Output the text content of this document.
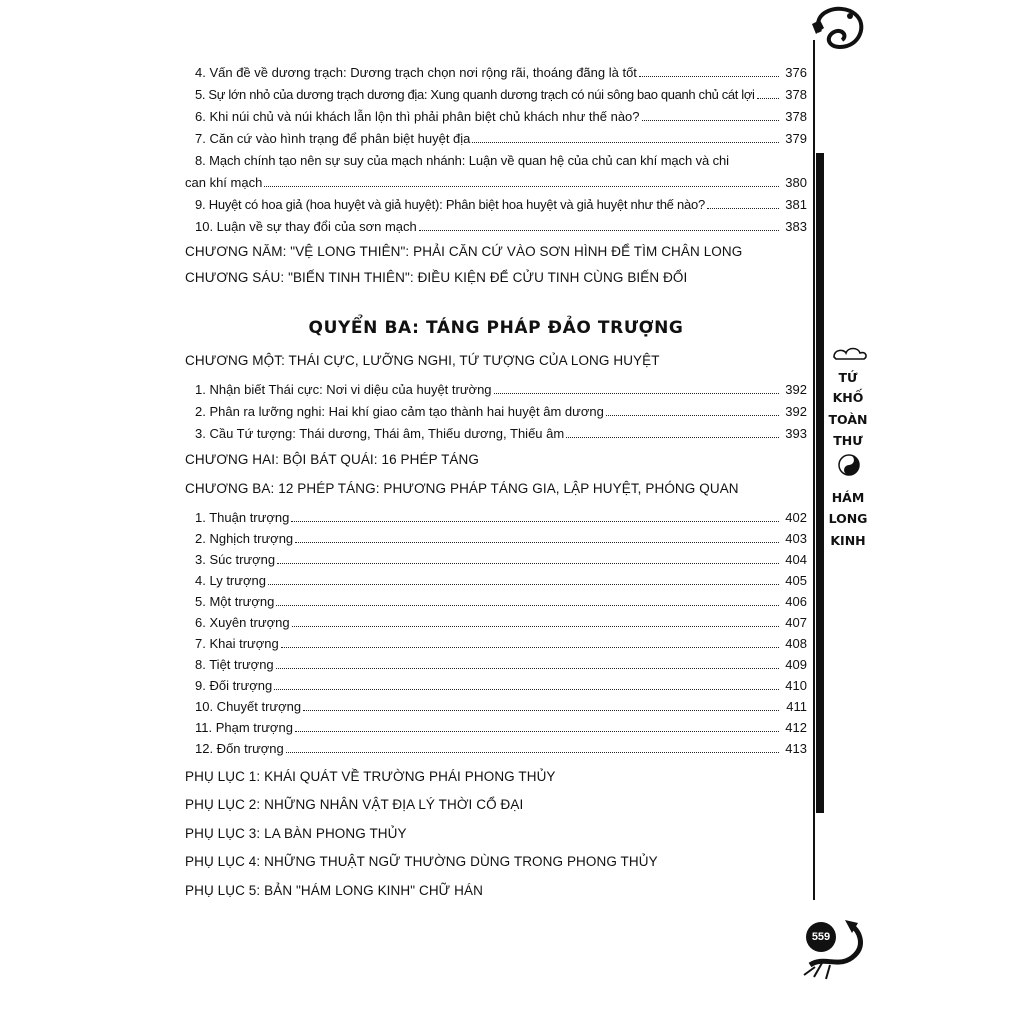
4. Vấn đề về dương trạch: Dương trạch chọn nơi rộng rãi, thoáng đãng là tốt	376
5. Sự lớn nhỏ của dương trạch dương địa: Xung quanh dương trạch có núi sông bao quanh chủ cát lợi	378
6. Khi núi chủ và núi khách lẫn lộn thì phải phân biệt chủ khách như thế nào?	378
7. Căn cứ vào hình trạng để phân biệt huyệt địa	379
8. Mạch chính tạo nên sự suy của mạch nhánh: Luận về quan hệ của chủ can khí mạch và chi
can khí mạch	380
9. Huyệt có hoa giả (hoa huyệt và giả huyệt): Phân biệt hoa huyệt và giả huyệt như thế nào?	381
10. Luận về sự thay đổi của sơn mạch	383
CHƯƠNG NĂM: "VỆ LONG THIÊN": PHẢI CĂN CỨ VÀO SƠN HÌNH ĐỂ TÌM CHÂN LONG
CHƯƠNG SÁU: "BIẾN TINH THIÊN": ĐIỀU KIỆN ĐỂ CỬU TINH CÙNG BIẾN ĐỔI
QUYỂN BA: TÁNG PHÁP ĐẢO TRƯỢNG
CHƯƠNG MỘT: THÁI CỰC, LƯỠNG NGHI, TỨ TƯỢNG CỦA LONG HUYỆT
1. Nhận biết Thái cực: Nơi vi diệu của huyệt trường	392
2. Phân ra lưỡng nghi: Hai khí giao cảm tạo thành hai huyệt âm dương	392
3. Cầu Tứ tượng: Thái dương, Thái âm, Thiếu dương, Thiếu âm	393
CHƯƠNG HAI: BỘI BÁT QUÁI: 16 PHÉP TÁNG
CHƯƠNG BA: 12 PHÉP TÁNG: PHƯƠNG PHÁP TÁNG GIA, LẬP HUYỆT, PHÓNG QUAN
1. Thuận trượng	402
2. Nghịch trượng	403
3. Súc trượng	404
4. Ly trượng	405
5. Một trượng	406
6. Xuyên trượng	407
7. Khai trượng	408
8. Tiệt trượng	409
9. Đối trượng	410
10. Chuyết trượng	411
11. Phạm trượng	412
12. Đốn trượng	413
PHỤ LỤC 1: KHÁI QUÁT VỀ TRƯỜNG PHÁI PHONG THỦY
PHỤ LỤC 2: NHỮNG NHÂN VẬT ĐỊA LÝ THỜI CỔ ĐẠI
PHỤ LỤC 3: LA BÀN PHONG THỦY
PHỤ LỤC 4: NHỮNG THUẬT NGỮ THƯỜNG DÙNG TRONG PHONG THỦY
PHỤ LỤC 5: BẢN "HÁM LONG KINH" CHỮ HÁN
TỨ
KHỐ
TOÀN
THƯ
HÁM
LONG
KINH
559
